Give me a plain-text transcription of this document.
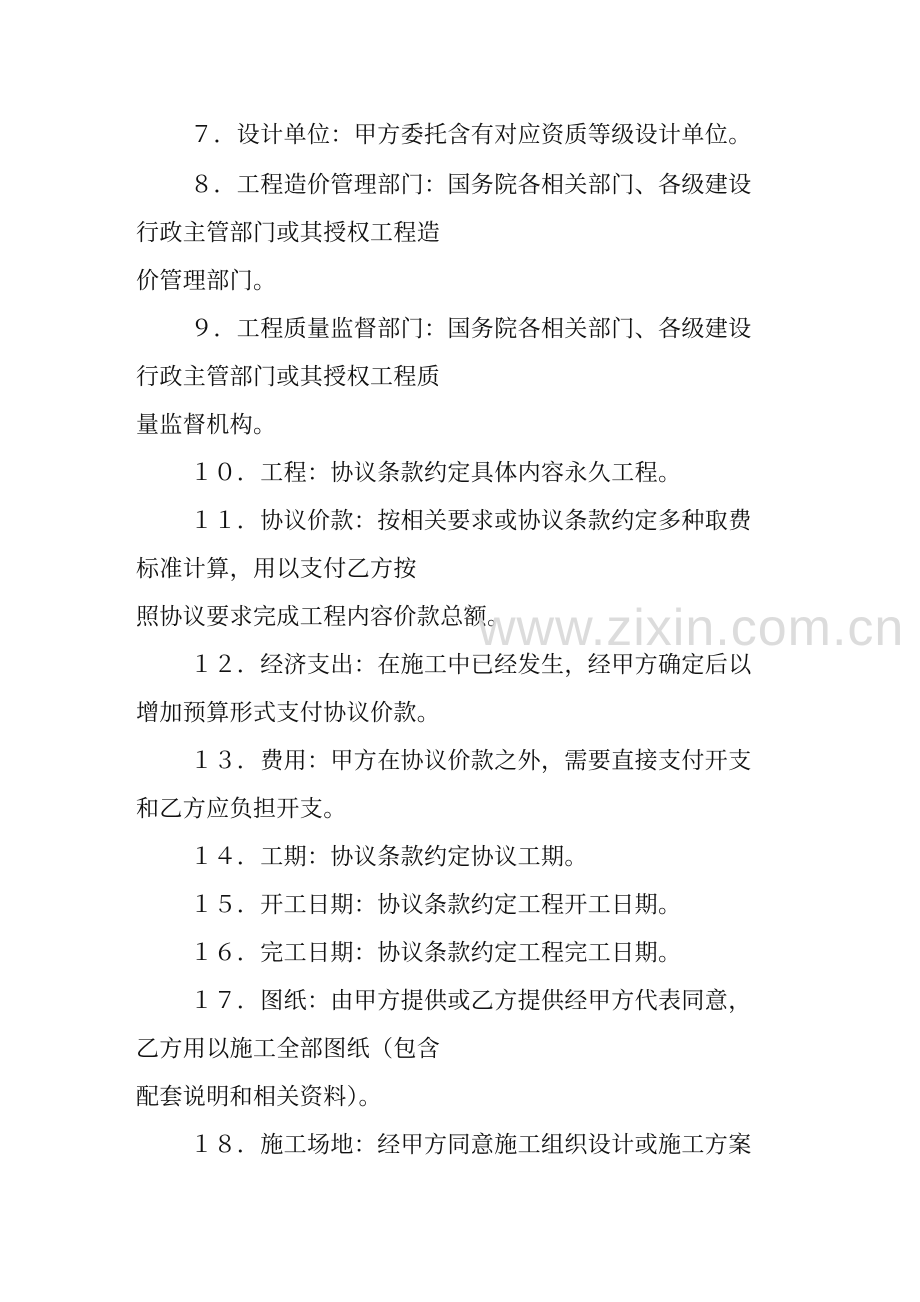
７．设计单位：甲方委托含有对应资质等级设计单位。
８．工程造价管理部门：国务院各相关部门、各级建设
行政主管部门或其授权工程造
价管理部门。
９．工程质量监督部门：国务院各相关部门、各级建设
行政主管部门或其授权工程质
量监督机构。
１０．工程：协议条款约定具体内容永久工程。
１１．协议价款：按相关要求或协议条款约定多种取费
标准计算，用以支付乙方按
照协议要求完成工程内容价款总额。
１２．经济支出：在施工中已经发生，经甲方确定后以
增加预算形式支付协议价款。
１３．费用：甲方在协议价款之外，需要直接支付开支
和乙方应负担开支。
１４．工期：协议条款约定协议工期。
１５．开工日期：协议条款约定工程开工日期。
１６．完工日期：协议条款约定工程完工日期。
１７．图纸：由甲方提供或乙方提供经甲方代表同意，
乙方用以施工全部图纸（包含
配套说明和相关资料）。
１８．施工场地：经甲方同意施工组织设计或施工方案
www.zixin.com.cn
